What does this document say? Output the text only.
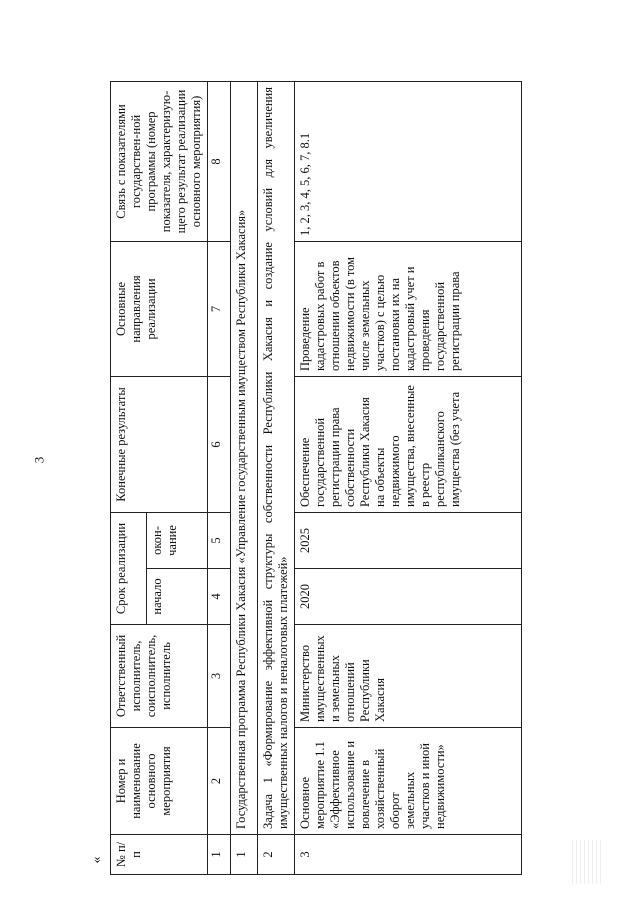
3
« № п/п	Номер и наименование основного мероприятия	Ответственный исполнитель, соисполнитель, исполнитель	Срок реализации		Конечные результаты	Основные направления реализации	Связь с показателями государствен-ной программы (номер показателя, характеризую-щего результат реализации основного мероприятия)
			начало	окон-чание			
1	2	3	4	5	6	7	8
1	Государственная программа Республики Хакасия «Управление государственным имуществом Республики Хакасия»						
2	Задача 1 «Формирование эффективной структуры собственности Республики Хакасия и создание условий для увеличения имущественных налогов и неналоговых платежей»						
3	Основное мероприятие 1.1 «Эффективное использование и вовлечение в хозяйственный оборот земельных участков и иной недвижимости»	Министерство имущественных и земельных отношений Республики Хакасия	2020	2025	Обеспечение государственной регистрации права собственности Республики Хакасия на объекты недвижимого имущества, внесенные в реестр республиканского имущества (без учета	Проведение кадастровых работ в отношении объектов недвижимости (в том числе земельных участков) с целью постановки их на кадастровый учет и проведения государственной регистрации права	1, 2, 3, 4, 5, 6, 7, 8.1
